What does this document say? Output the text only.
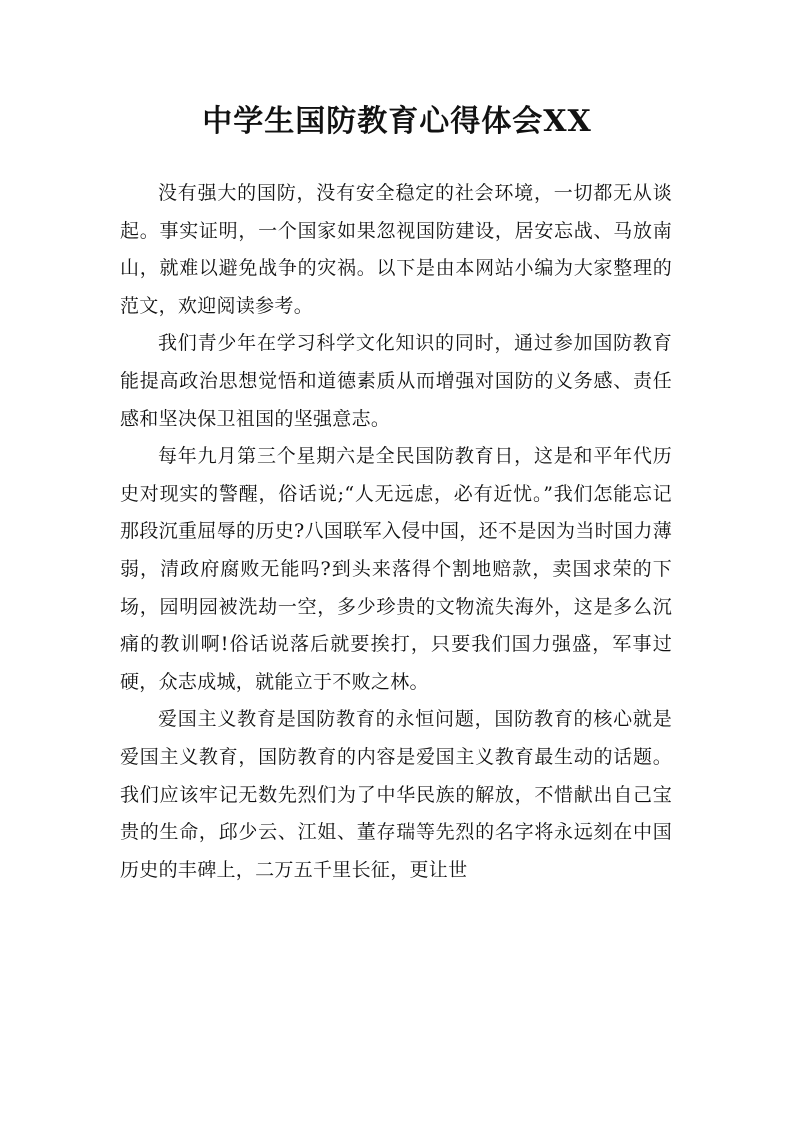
中学生国防教育心得体会XX

没有强大的国防，没有安全稳定的社会环境，一切都无从谈起。事实证明，一个国家如果忽视国防建设，居安忘战、马放南山，就难以避免战争的灾祸。以下是由本网站小编为大家整理的范文，欢迎阅读参考。

我们青少年在学习科学文化知识的同时，通过参加国防教育能提高政治思想觉悟和道德素质从而增强对国防的义务感、责任感和坚决保卫祖国的坚强意志。

每年九月第三个星期六是全民国防教育日，这是和平年代历史对现实的警醒，俗话说;“人无远虑，必有近忧。”我们怎能忘记那段沉重屈辱的历史?八国联军入侵中国，还不是因为当时国力薄弱，清政府腐败无能吗?到头来落得个割地赔款，卖国求荣的下场，园明园被洗劫一空，多少珍贵的文物流失海外，这是多么沉痛的教训啊!俗话说落后就要挨打，只要我们国力强盛，军事过硬，众志成城，就能立于不败之林。

爱国主义教育是国防教育的永恒问题，国防教育的核心就是爱国主义教育，国防教育的内容是爱国主义教育最生动的话题。我们应该牢记无数先烈们为了中华民族的解放，不惜献出自己宝贵的生命，邱少云、江姐、董存瑞等先烈的名字将永远刻在中国历史的丰碑上，二万五千里长征，更让世
